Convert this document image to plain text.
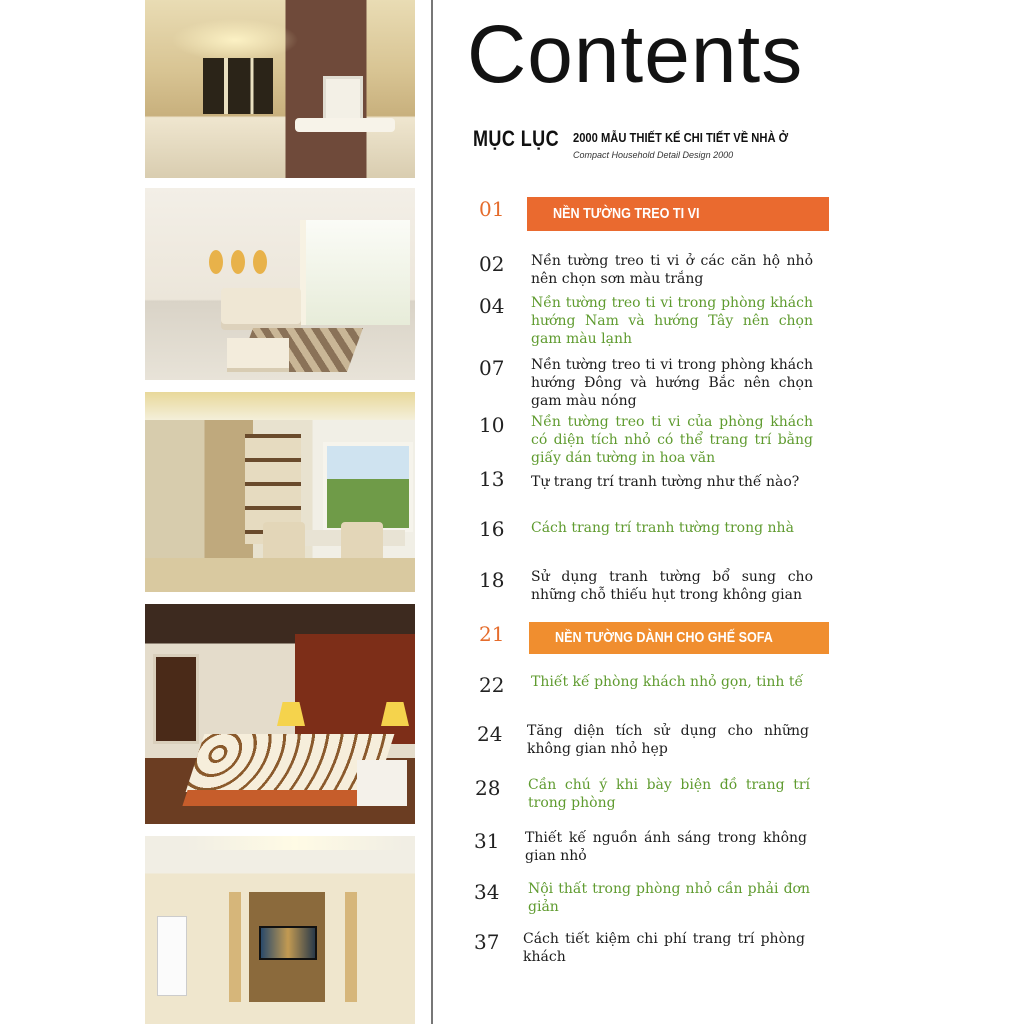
Contents
MỤC LỤC 2000 MẪU THIẾT KẾ CHI TIẾT VỀ NHÀ Ở
Compact Household Detail Design 2000
01	NỀN TƯỜNG TREO TI VI
02 Nền tường treo ti vi ở các căn hộ nhỏ nên chọn sơn màu trắng
04 Nền tường treo ti vi trong phòng khách hướng Nam và hướng Tây nên chọn gam màu lạnh
07 Nền tường treo ti vi trong phòng khách hướng Đông và hướng Bắc nên chọn gam màu nóng
10 Nền tường treo ti vi của phòng khách có diện tích nhỏ có thể trang trí bằng giấy dán tường in hoa văn
13 Tự trang trí tranh tường như thế nào?
16 Cách trang trí tranh tường trong nhà
18 Sử dụng tranh tường bổ sung cho những chỗ thiếu hụt trong không gian
21	NỀN TƯỜNG DÀNH CHO GHẾ SOFA
22 Thiết kế phòng khách nhỏ gọn, tinh tế
24 Tăng diện tích sử dụng cho những không gian nhỏ hẹp
28 Cần chú ý khi bày biện đồ trang trí trong phòng
31 Thiết kế nguồn ánh sáng trong không gian nhỏ
34 Nội thất trong phòng nhỏ cần phải đơn giản
37 Cách tiết kiệm chi phí trang trí phòng khách
